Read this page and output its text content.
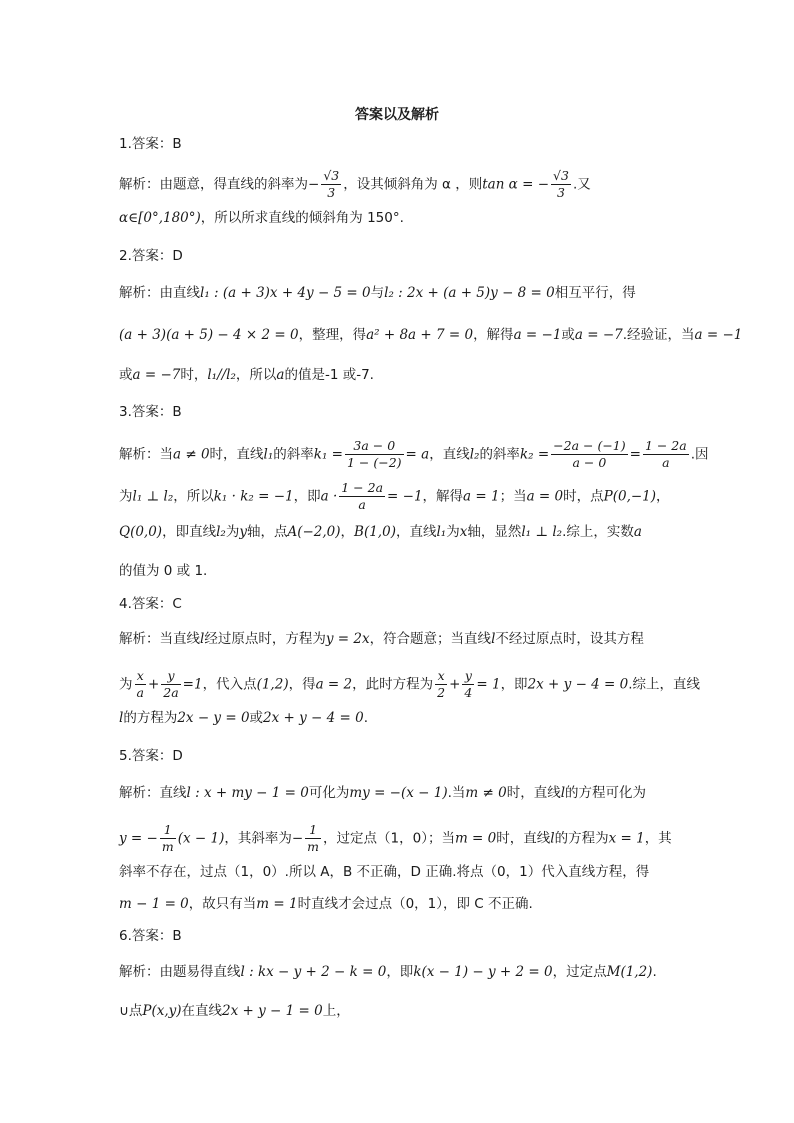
答案以及解析
1.答案：B
解析：由题意，得直线的斜率为− $\frac{√3}{3}$ ，设其倾斜角为 α ，则tan α = − $\frac{√3}{3}$ .又
α∈[0°,180°)，所以所求直线的倾斜角为 150°.
2.答案：D
解析：由直线l₁ : (a + 3)x + 4y − 5 = 0与l₂ : 2x + (a + 5)y − 8 = 0相互平行，得
(a + 3)(a + 5) − 4 × 2 = 0，整理，得a² + 8a + 7 = 0，解得a = −1或a = −7.经验证，当a = −1
或a = −7时，l₁//l₂，所以a的值是-1 或-7.
3.答案：B
解析：当a ≠ 0时，直线l₁的斜率$k_1 = \frac{3a - 0}{1 - (-2)} = a$，直线l₂的斜率$k_2 = \frac{-2a - (-1)}{a - 0} = \frac{1 - 2a}{a}$ .因
为l₁ ⊥ l₂，所以k₁ · k₂ = −1，即$a \cdot \frac{1 - 2a}{a} = -1$，解得a = 1；当a = 0时，点P(0,−1)，
Q(0,0)，即直线l₂为y轴，点A(−2,0)，B(1,0)，直线l₁为x轴，显然l₁ ⊥ l₂.综上，实数a
的值为 0 或 1.
4.答案：C
解析：当直线l经过原点时，方程为y = 2x，符合题意；当直线l不经过原点时，设其方程
为 $\frac{x}{a} + \frac{y}{2a} =1$，代入点(1,2)，得a = 2，此时方程为 $\frac{x}{2} + \frac{y}{4} = 1$，即2x + y − 4 = 0.综上，直线
l的方程为2x − y = 0或2x + y − 4 = 0.
5.答案：D
解析：直线l : x + my − 1 = 0可化为my = −(x − 1).当m ≠ 0时，直线l的方程可化为
y = − $\frac{1}{m} (x - 1)$，其斜率为− $\frac{1}{m}$ ，过定点（1，0）；当m = 0时，直线l的方程为x = 1，其
斜率不存在，过点（1，0）.所以 A，B 不正确，D 正确.将点（0，1）代入直线方程，得
m − 1 = 0，故只有当m = 1时直线才会过点（0，1），即 C 不正确.
6.答案：B
解析：由题易得直线l : kx − y + 2 − k = 0，即k(x − 1) − y + 2 = 0，过定点M(1,2).
∪点P(x,y)在直线2x + y − 1 = 0上，
